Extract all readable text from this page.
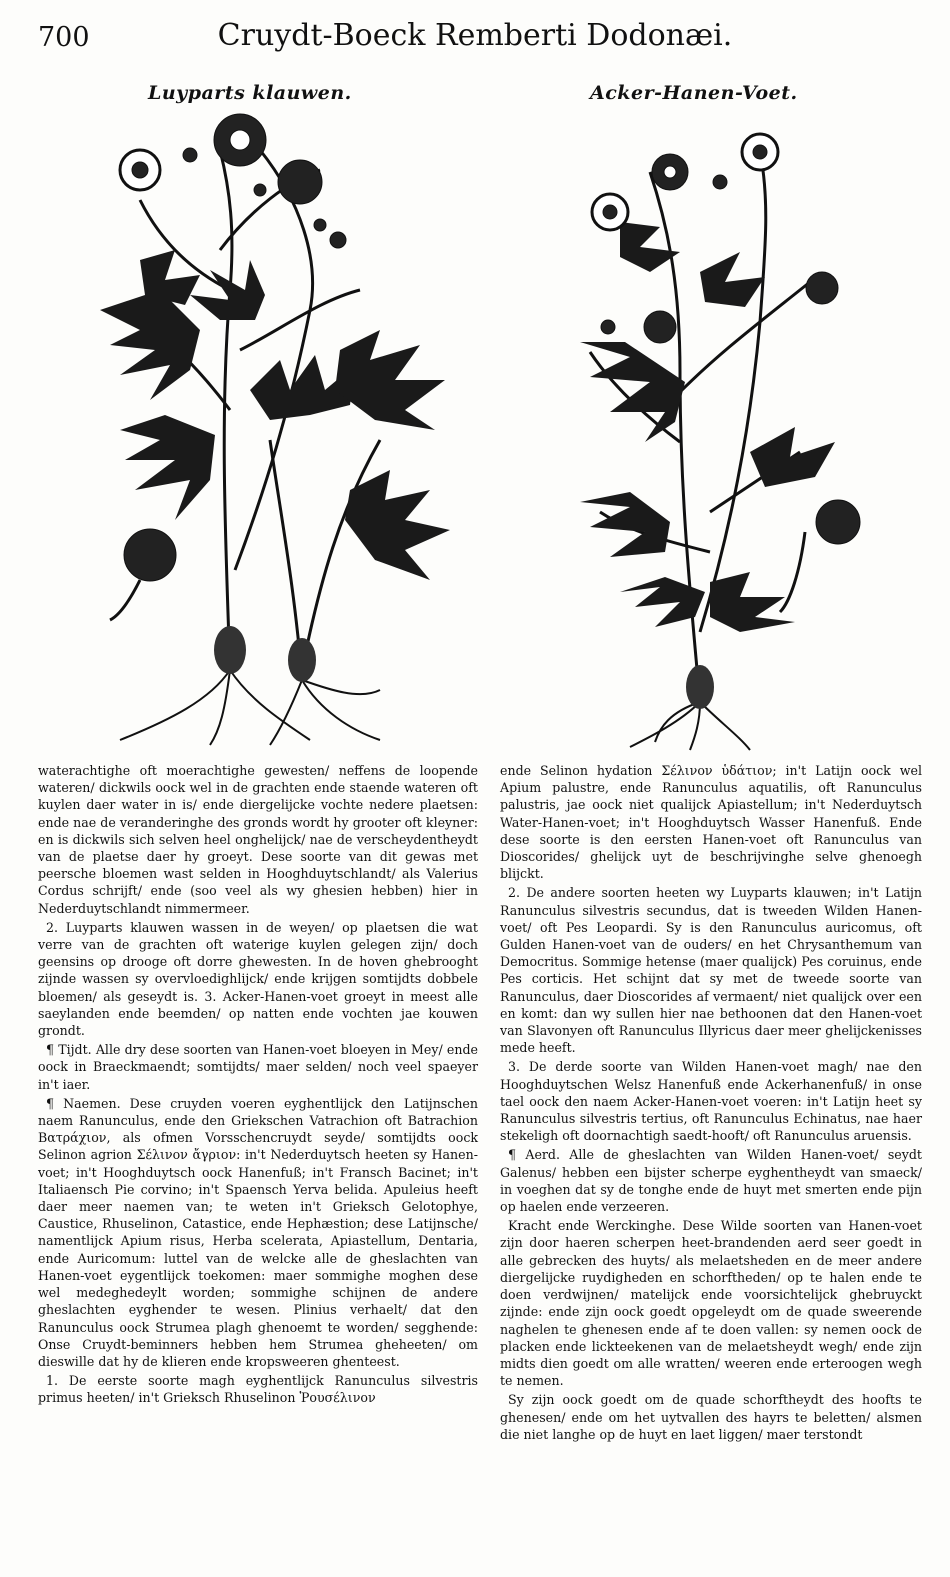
700	Cruydt-Boeck Remberti Dodonæi.
Luyparts klauwen.	Acker-Hanen-Voet.

waterachtighe oft moerachtighe gewesten/ neffens de loopende wateren/ dickwils oock wel in de grachten ende staende wateren oft kuylen daer water in is/ ende diergelijcke vochte nedere plaetsen: ende nae de veranderinghe des gronds wordt hy grooter oft kleyner: en is dickwils sich selven heel onghelijck/ nae de verscheydentheydt van de plaetse daer hy groeyt. Dese soorte van dit gewas met peersche bloemen wast selden in Hooghduytschlandt/ als Valerius Cordus schrijft/ ende (soo veel als wy ghesien hebben) hier in Nederduytschlandt nimmermeer.

2. Luyparts klauwen wassen in de weyen/ op plaetsen die wat verre van de grachten oft waterige kuylen gelegen zijn/ doch geensins op drooge oft dorre ghewesten. In de hoven ghebrooght zijnde wassen sy overvloedighlijck/ ende krijgen somtijdts dobbele bloemen/ als geseydt is. 3. Acker-Hanen-voet groeyt in meest alle saeylanden ende beemden/ op natten ende vochten jae kouwen grondt.

¶ Tijdt. Alle dry dese soorten van Hanen-voet bloeyen in Mey/ ende oock in Braeckmaendt; somtijdts/ maer selden/ noch veel spaeyer in't iaer.

¶ Naemen. Dese cruyden voeren eyghentlijck den Latijnschen naem Ranunculus, ende den Griekschen Vatrachion oft Batrachion Βατράχιον, als ofmen Vorsschencruydt seyde/ somtijdts oock Selinon agrion Σέλινον ἄγριον: in't Nederduytsch heeten sy Hanen-voet; in't Hooghduytsch oock Hanenfuß; in't Fransch Bacinet; in't Italiaensch Pie corvino; in't Spaensch Yerva belida. Apuleius heeft daer meer naemen van; te weten in't Grieksch Gelotophye, Caustice, Rhuselinon, Catastice, ende Hephæstion; dese Latijnsche/ namentlijck Apium risus, Herba scelerata, Apiastellum, Dentaria, ende Auricomum: luttel van de welcke alle de gheslachten van Hanen-voet eygentlijck toekomen: maer sommighe moghen dese wel medeghedeylt worden; sommighe schijnen de andere gheslachten eyghender te wesen. Plinius verhaelt/ dat den Ranunculus oock Strumea plagh ghenoemt te worden/ segghende: Onse Cruydt-beminners hebben hem Strumea gheheeten/ om dieswille dat hy de klieren ende kropsweeren ghenteest.

1. De eerste soorte magh eyghentlijck Ranunculus silvestris primus heeten/ in't Grieksch Rhuselinon Ῥουσέλινον

ende Selinon hydation Σέλινον ὑδάτιον; in't Latijn oock wel Apium palustre, ende Ranunculus aquatilis, oft Ranunculus palustris, jae oock niet qualijck Apiastellum; in't Nederduytsch Water-Hanen-voet; in't Hooghduytsch Wasser Hanenfuß. Ende dese soorte is den eersten Hanen-voet oft Ranunculus van Dioscorides/ ghelijck uyt de beschrijvinghe selve ghenoegh blijckt.

2. De andere soorten heeten wy Luyparts klauwen; in't Latijn Ranunculus silvestris secundus, dat is tweeden Wilden Hanen-voet/ oft Pes Leopardi. Sy is den Ranunculus auricomus, oft Gulden Hanen-voet van de ouders/ en het Chrysanthemum van Democritus. Sommige hetense (maer qualijck) Pes coruinus, ende Pes corticis. Het schijnt dat sy met de tweede soorte van Ranunculus, daer Dioscorides af vermaent/ niet qualijck over een en komt: dan wy sullen hier nae bethoonen dat den Hanen-voet van Slavonyen oft Ranunculus Illyricus daer meer ghelijckenisses mede heeft.

3. De derde soorte van Wilden Hanen-voet magh/ nae den Hooghduytschen Welsz Hanenfuß ende Ackerhanenfuß/ in onse tael oock den naem Acker-Hanen-voet voeren: in't Latijn heet sy Ranunculus silvestris tertius, oft Ranunculus Echinatus, nae haer stekeligh oft doornachtigh saedt-hooft/ oft Ranunculus aruensis.

¶ Aerd. Alle de gheslachten van Wilden Hanen-voet/ seydt Galenus/ hebben een bijster scherpe eyghentheydt van smaeck/ in voeghen dat sy de tonghe ende de huyt met smerten ende pijn op haelen ende verzeeren.

Kracht ende Werckinghe. Dese Wilde soorten van Hanen-voet zijn door haeren scherpen heet-brandenden aerd seer goedt in alle gebrecken des huyts/ als melaetsheden en de meer andere diergelijcke ruydigheden en schorftheden/ op te halen ende te doen verdwijnen/ matelijck ende voorsichtelijck ghebruyckt zijnde: ende zijn oock goedt opgeleydt om de quade sweerende naghelen te ghenesen ende af te doen vallen: sy nemen oock de placken ende lickteekenen van de melaetsheydt wegh/ ende zijn midts dien goedt om alle wratten/ weeren ende erteroogen wegh te nemen.

Sy zijn oock goedt om de quade schorftheydt des hoofts te ghenesen/ ende om het uytvallen des hayrs te beletten/ alsmen die niet langhe op de huyt en laet liggen/ maer terstondt
